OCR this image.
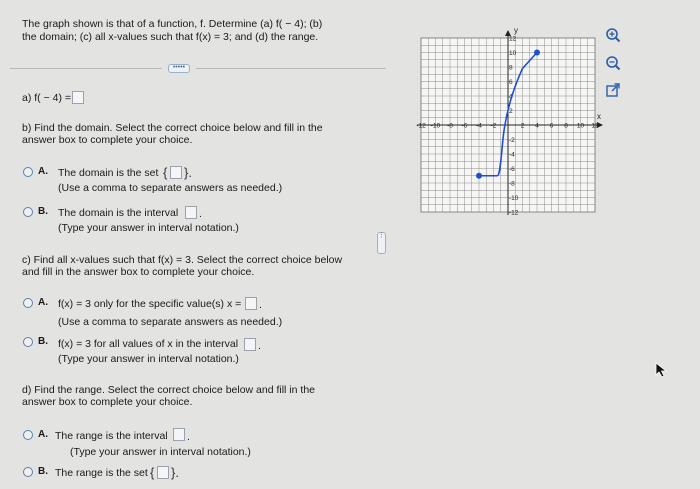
The graph shown is that of a function, f. Determine (a) f( − 4); (b)
the domain; (c) all x-values such that f(x) = 3; and (d) the range.
•••••
a) f( − 4) =
b) Find the domain. Select the correct choice below and fill in the
answer box to complete your choice.
A. The domain is the set { }.
(Use a comma to separate answers as needed.)
B. The domain is the interval .
(Type your answer in interval notation.)
c) Find all x-values such that f(x) = 3. Select the correct choice below
and fill in the answer box to complete your choice.
A. f(x) = 3 only for the specific value(s) x = .
(Use a comma to separate answers as needed.)
B. f(x) = 3 for all values of x in the interval .
(Type your answer in interval notation.)
d) Find the range. Select the correct choice below and fill in the
answer box to complete your choice.
A. The range is the interval .
(Type your answer in interval notation.)
B. The range is the set { }.
⋮
y
x
-12 -10 -8 -6 -4 -2	2 4 6 8 10 12
12
10
8
6
4
2
-2
-4
-6
-8
-10
-12
